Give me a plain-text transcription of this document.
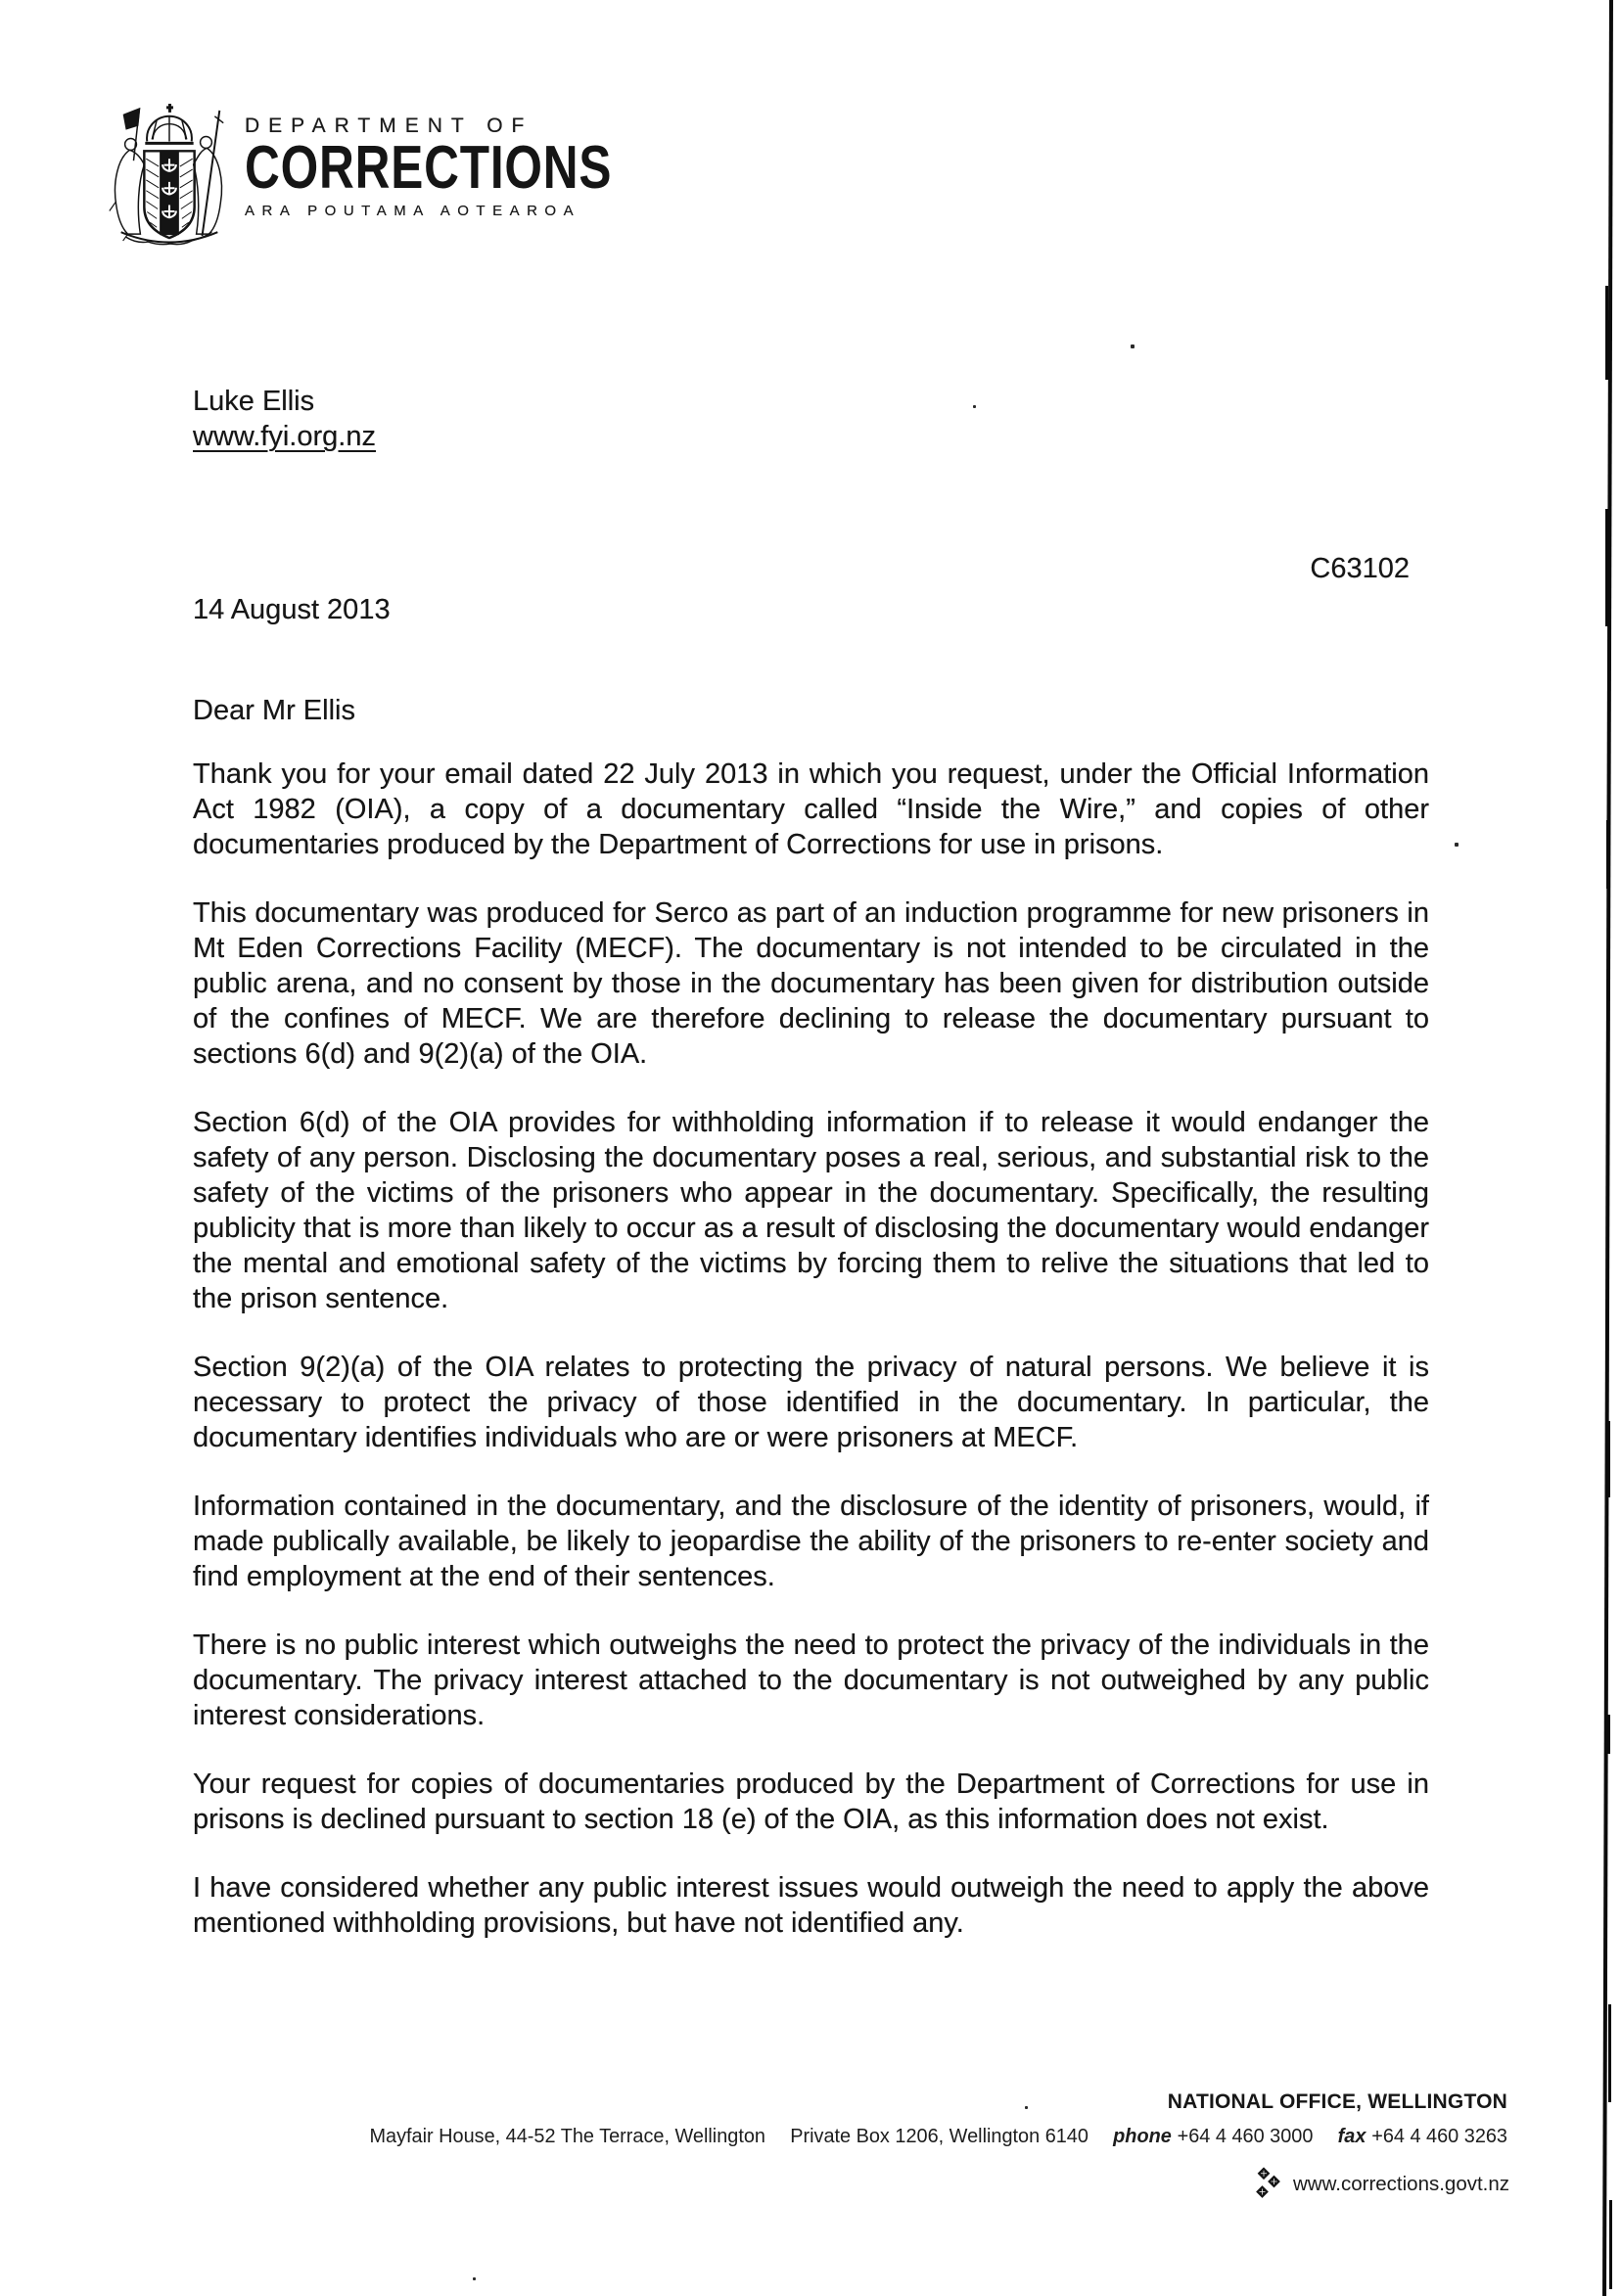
DEPARTMENT OF
CORRECTIONS
ARA POUTAMA AOTEAROA
Luke Ellis
www.fyi.org.nz
C63102
14 August 2013
Dear Mr Ellis

Thank you for your email dated 22 July 2013 in which you request, under the Official Information Act 1982 (OIA), a copy of a documentary called “Inside the Wire,” and copies of other documentaries produced by the Department of Corrections for use in prisons.

This documentary was produced for Serco as part of an induction programme for new prisoners in Mt Eden Corrections Facility (MECF). The documentary is not intended to be circulated in the public arena, and no consent by those in the documentary has been given for distribution outside of the confines of MECF. We are therefore declining to release the documentary pursuant to sections 6(d) and 9(2)(a) of the OIA.

Section 6(d) of the OIA provides for withholding information if to release it would endanger the safety of any person. Disclosing the documentary poses a real, serious, and substantial risk to the safety of the victims of the prisoners who appear in the documentary. Specifically, the resulting publicity that is more than likely to occur as a result of disclosing the documentary would endanger the mental and emotional safety of the victims by forcing them to relive the situations that led to the prison sentence.

Section 9(2)(a) of the OIA relates to protecting the privacy of natural persons. We believe it is necessary to protect the privacy of those identified in the documentary. In particular, the documentary identifies individuals who are or were prisoners at MECF.

Information contained in the documentary, and the disclosure of the identity of prisoners, would, if made publically available, be likely to jeopardise the ability of the prisoners to re-enter society and find employment at the end of their sentences.

There is no public interest which outweighs the need to protect the privacy of the individuals in the documentary. The privacy interest attached to the documentary is not outweighed by any public interest considerations.

Your request for copies of documentaries produced by the Department of Corrections for use in prisons is declined pursuant to section 18 (e) of the OIA, as this information does not exist.

I have considered whether any public interest issues would outweigh the need to apply the above mentioned withholding provisions, but have not identified any.

NATIONAL OFFICE, WELLINGTON
Mayfair House, 44-52 The Terrace, Wellington Private Box 1206, Wellington 6140 phone +64 4 460 3000 fax +64 4 460 3263
www.corrections.govt.nz
